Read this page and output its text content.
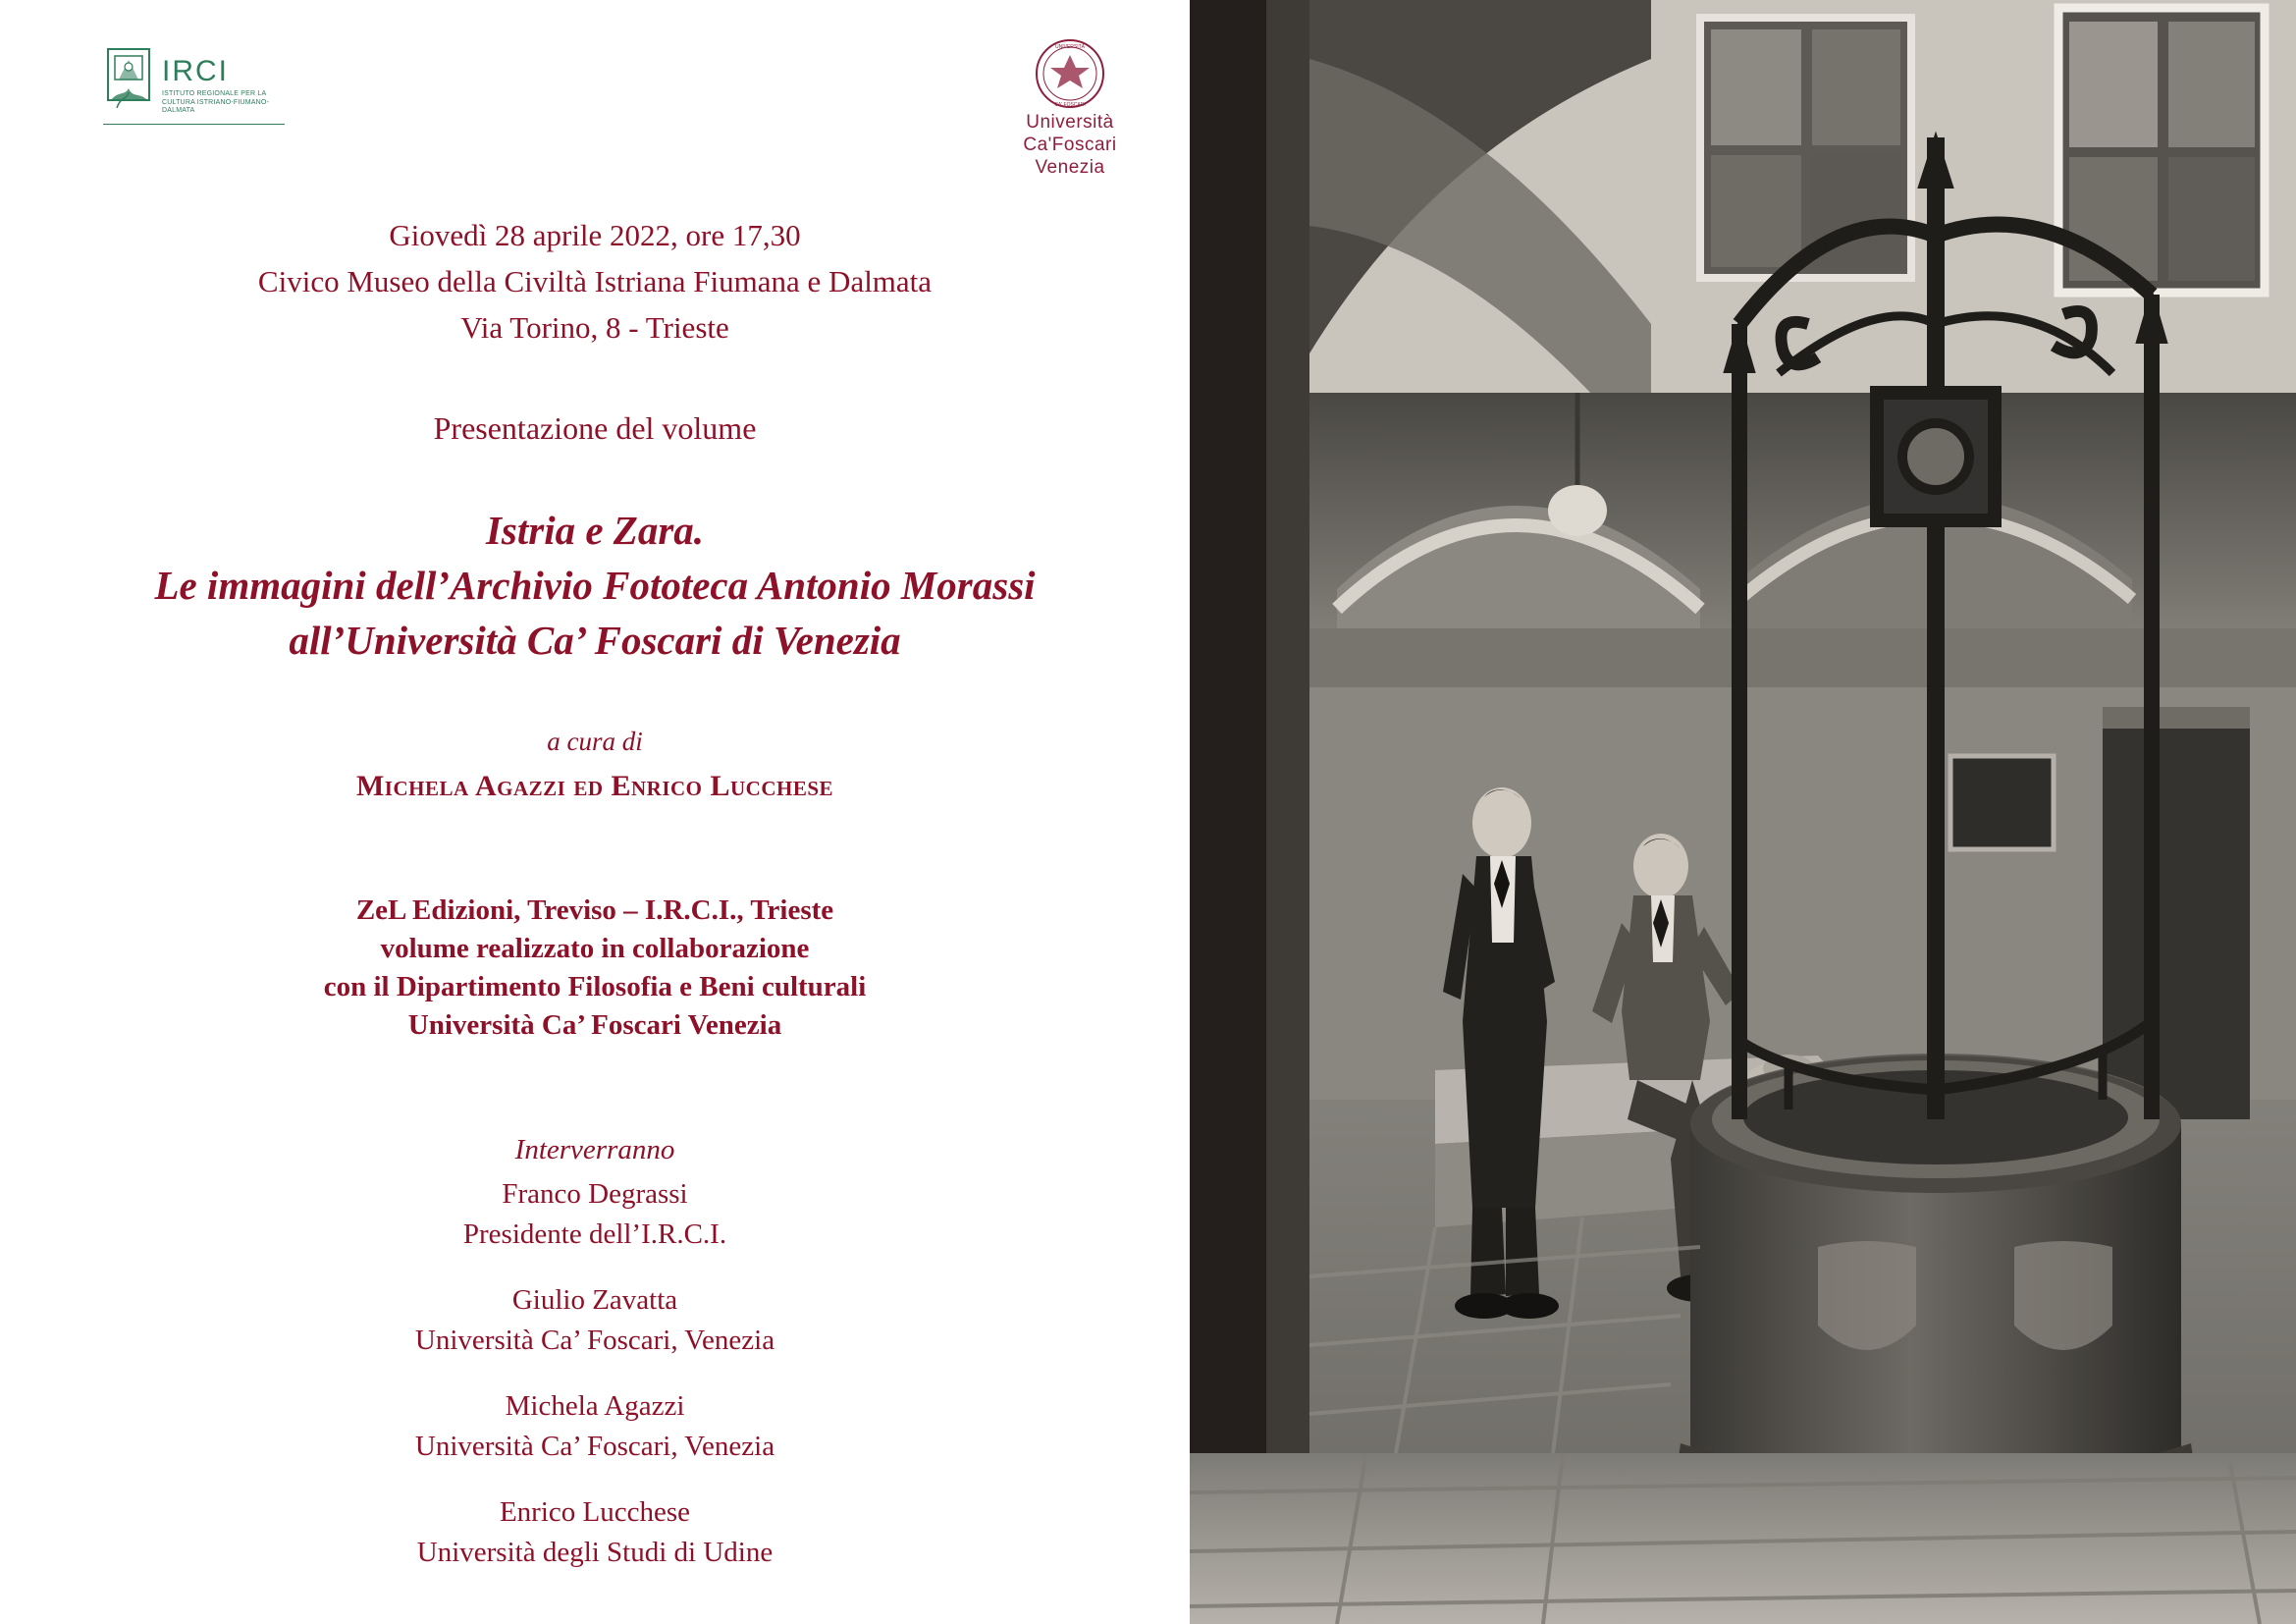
IRCI
ISTITUTO REGIONALE PER LA CULTURA ISTRIANO-FIUMANO-DALMATA
UNIVERSITÀ
CA' FOSCARI
Università
Ca'Foscari
Venezia
Giovedì 28 aprile 2022, ore 17,30
Civico Museo della Civiltà Istriana Fiumana e Dalmata
Via Torino, 8 - Trieste
Presentazione del volume
Istria e Zara.
Le immagini dell’Archivio Fototeca Antonio Morassi
all’Università Ca’ Foscari di Venezia
a cura di
Michela Agazzi ed Enrico Lucchese
ZeL Edizioni, Treviso – I.R.C.I., Trieste
volume realizzato in collaborazione
con il Dipartimento Filosofia e Beni culturali
Università Ca’ Foscari Venezia
Interverranno
Franco Degrassi
Presidente dell’I.R.C.I.
Giulio Zavatta
Università Ca’ Foscari, Venezia
Michela Agazzi
Università Ca’ Foscari, Venezia
Enrico Lucchese
Università degli Studi di Udine
